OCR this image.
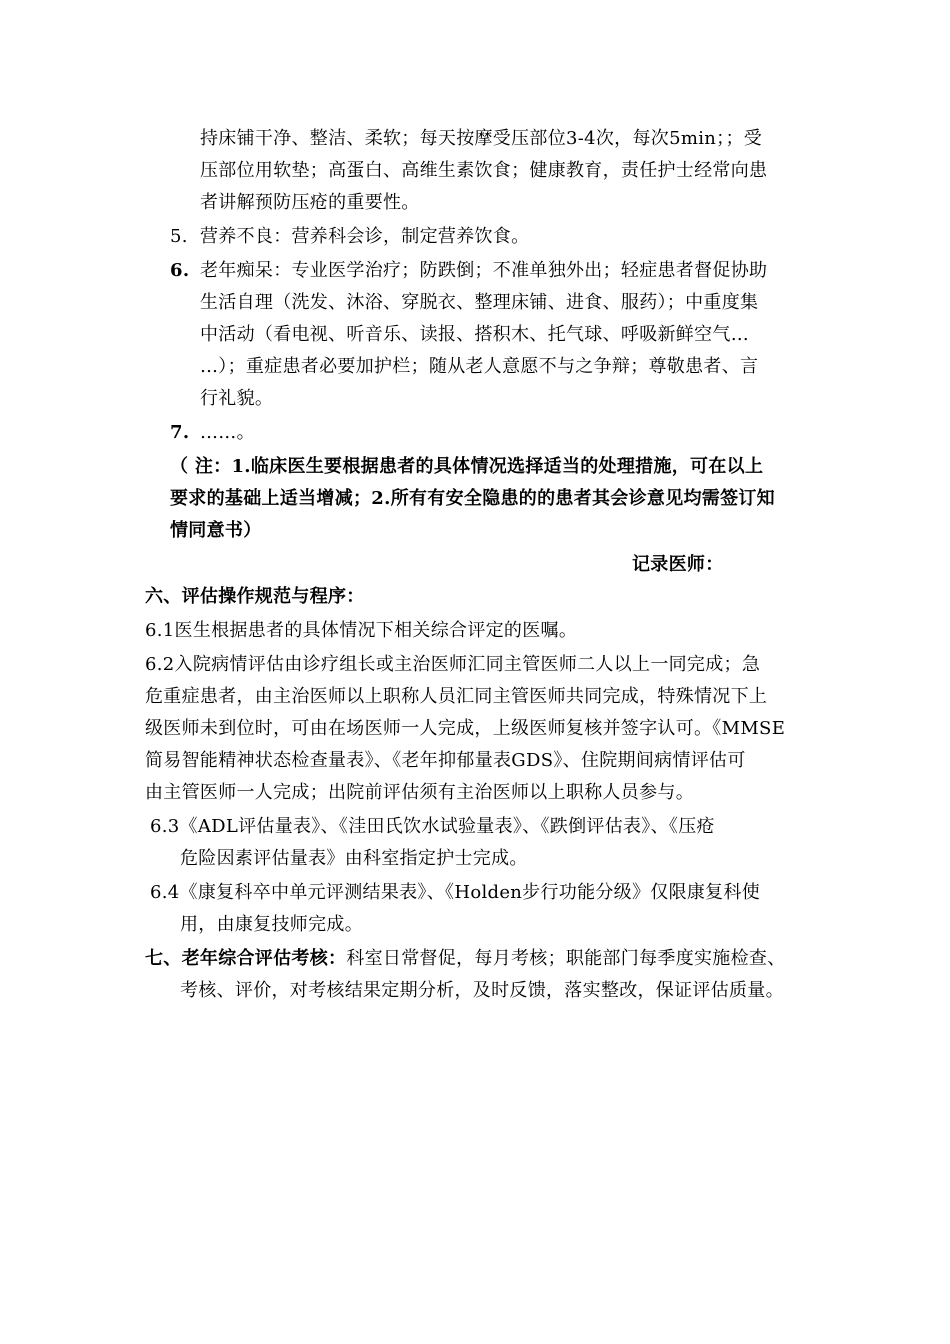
持床铺干净、整洁、柔软；每天按摩受压部位3-4次，每次5min；；受
压部位用软垫；高蛋白、高维生素饮食；健康教育，责任护士经常向患
者讲解预防压疮的重要性。
5. 营养不良：营养科会诊，制定营养饮食。
6. 老年痴呆：专业医学治疗；防跌倒；不准单独外出；轻症患者督促协助
生活自理（洗发、沐浴、穿脱衣、整理床铺、进食、服药）；中重度集
中活动（看电视、听音乐、读报、搭积木、托气球、呼吸新鲜空气…
…）；重症患者必要加护栏；随从老人意愿不与之争辩；尊敬患者、言
行礼貌。
7. ……。
（ 注：1.临床医生要根据患者的具体情况选择适当的处理措施，可在以上
要求的基础上适当增减；2.所有有安全隐患的的患者其会诊意见均需签订知
情同意书）
记录医师：
六、评估操作规范与程序：
6.1医生根据患者的具体情况下相关综合评定的医嘱。
6.2入院病情评估由诊疗组长或主治医师汇同主管医师二人以上一同完成；急
危重症患者，由主治医师以上职称人员汇同主管医师共同完成，特殊情况下上
级医师未到位时，可由在场医师一人完成，上级医师复核并签字认可。《MMSE
简易智能精神状态检查量表》、《老年抑郁量表GDS》、住院期间病情评估可
由主管医师一人完成；出院前评估须有主治医师以上职称人员参与。
6.3《ADL评估量表》、《洼田氏饮水试验量表》、《跌倒评估表》、《压疮
危险因素评估量表》由科室指定护士完成。
6.4《康复科卒中单元评测结果表》、《Holden步行功能分级》仅限康复科使
用，由康复技师完成。
七、老年综合评估考核：科室日常督促，每月考核；职能部门每季度实施检查、
考核、评价，对考核结果定期分析，及时反馈，落实整改，保证评估质量。
